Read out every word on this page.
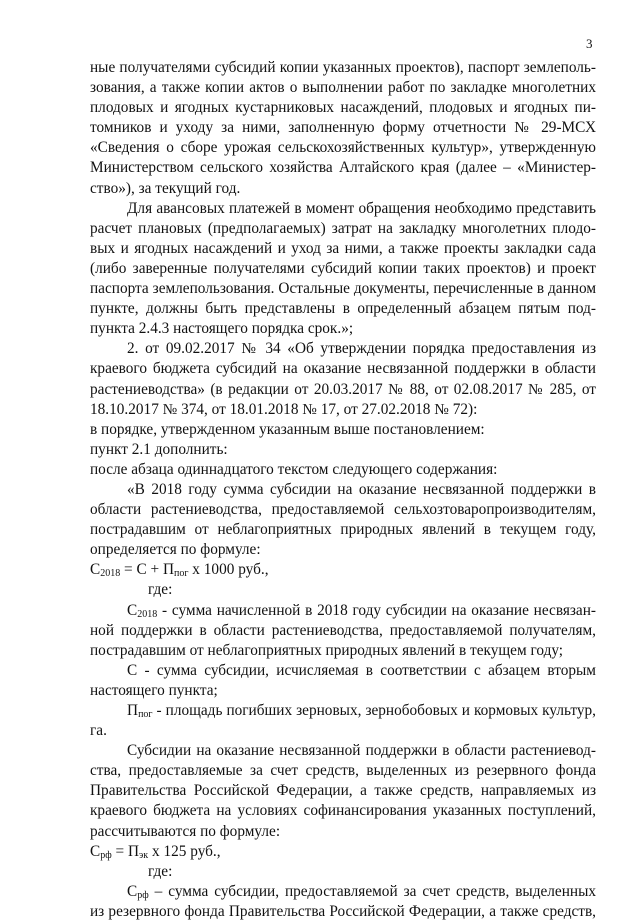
3

ные получателями субсидий копии указанных проектов), паспорт землеполь-

зования, а также копии актов о выполнении работ по закладке многолетних

плодовых и ягодных кустарниковых насаждений, плодовых и ягодных пи-

томников и уходу за ними, заполненную форму отчетности № 29-МСХ

«Сведения о сборе урожая сельскохозяйственных культур», утвержденную

Министерством сельского хозяйства Алтайского края (далее – «Министер-

ство»), за текущий год.

Для авансовых платежей в момент обращения необходимо представить

расчет плановых (предполагаемых) затрат на закладку многолетних плодо-

вых и ягодных насаждений и уход за ними, а также проекты закладки сада

(либо заверенные получателями субсидий копии таких проектов) и проект

паспорта землепользования. Остальные документы, перечисленные в данном

пункте, должны быть представлены в определенный абзацем пятым под-

пункта 2.4.3 настоящего порядка срок.»;

2. от 09.02.2017 № 34 «Об утверждении порядка предоставления из

краевого бюджета субсидий на оказание несвязанной поддержки в области

растениеводства» (в редакции от 20.03.2017 № 88, от 02.08.2017 № 285, от

18.10.2017 № 374, от 18.01.2018 № 17, от 27.02.2018 № 72):

в порядке, утвержденном указанным выше постановлением:

пункт 2.1 дополнить:

после абзаца одиннадцатого текстом следующего содержания:

«В 2018 году сумма субсидии на оказание несвязанной поддержки в

области растениеводства, предоставляемой сельхозтоваропроизводителям,

пострадавшим от неблагоприятных природных явлений в текущем году,

определяется по формуле:

$С_{2018} = С + П_{пог}$ х 1000 руб.,

где:

$С_{2018}$ - сумма начисленной в 2018 году субсидии на оказание несвязан-

ной поддержки в области растениеводства, предоставляемой получателям,

пострадавшим от неблагоприятных природных явлений в текущем году;

С - сумма субсидии, исчисляемая в соответствии с абзацем вторым

настоящего пункта;

$П_{пог}$ - площадь погибших зерновых, зернобобовых и кормовых культур,

га.

Субсидии на оказание несвязанной поддержки в области растениевод-

ства, предоставляемые за счет средств, выделенных из резервного фонда

Правительства Российской Федерации, а также средств, направляемых из

краевого бюджета на условиях софинансирования указанных поступлений,

рассчитываются по формуле:

$С_{рф} = П_{эк}$ х 125 руб.,

где:

$С_{рф}$ – сумма субсидии, предоставляемой за счет средств, выделенных

из резервного фонда Правительства Российской Федерации, а также средств,
